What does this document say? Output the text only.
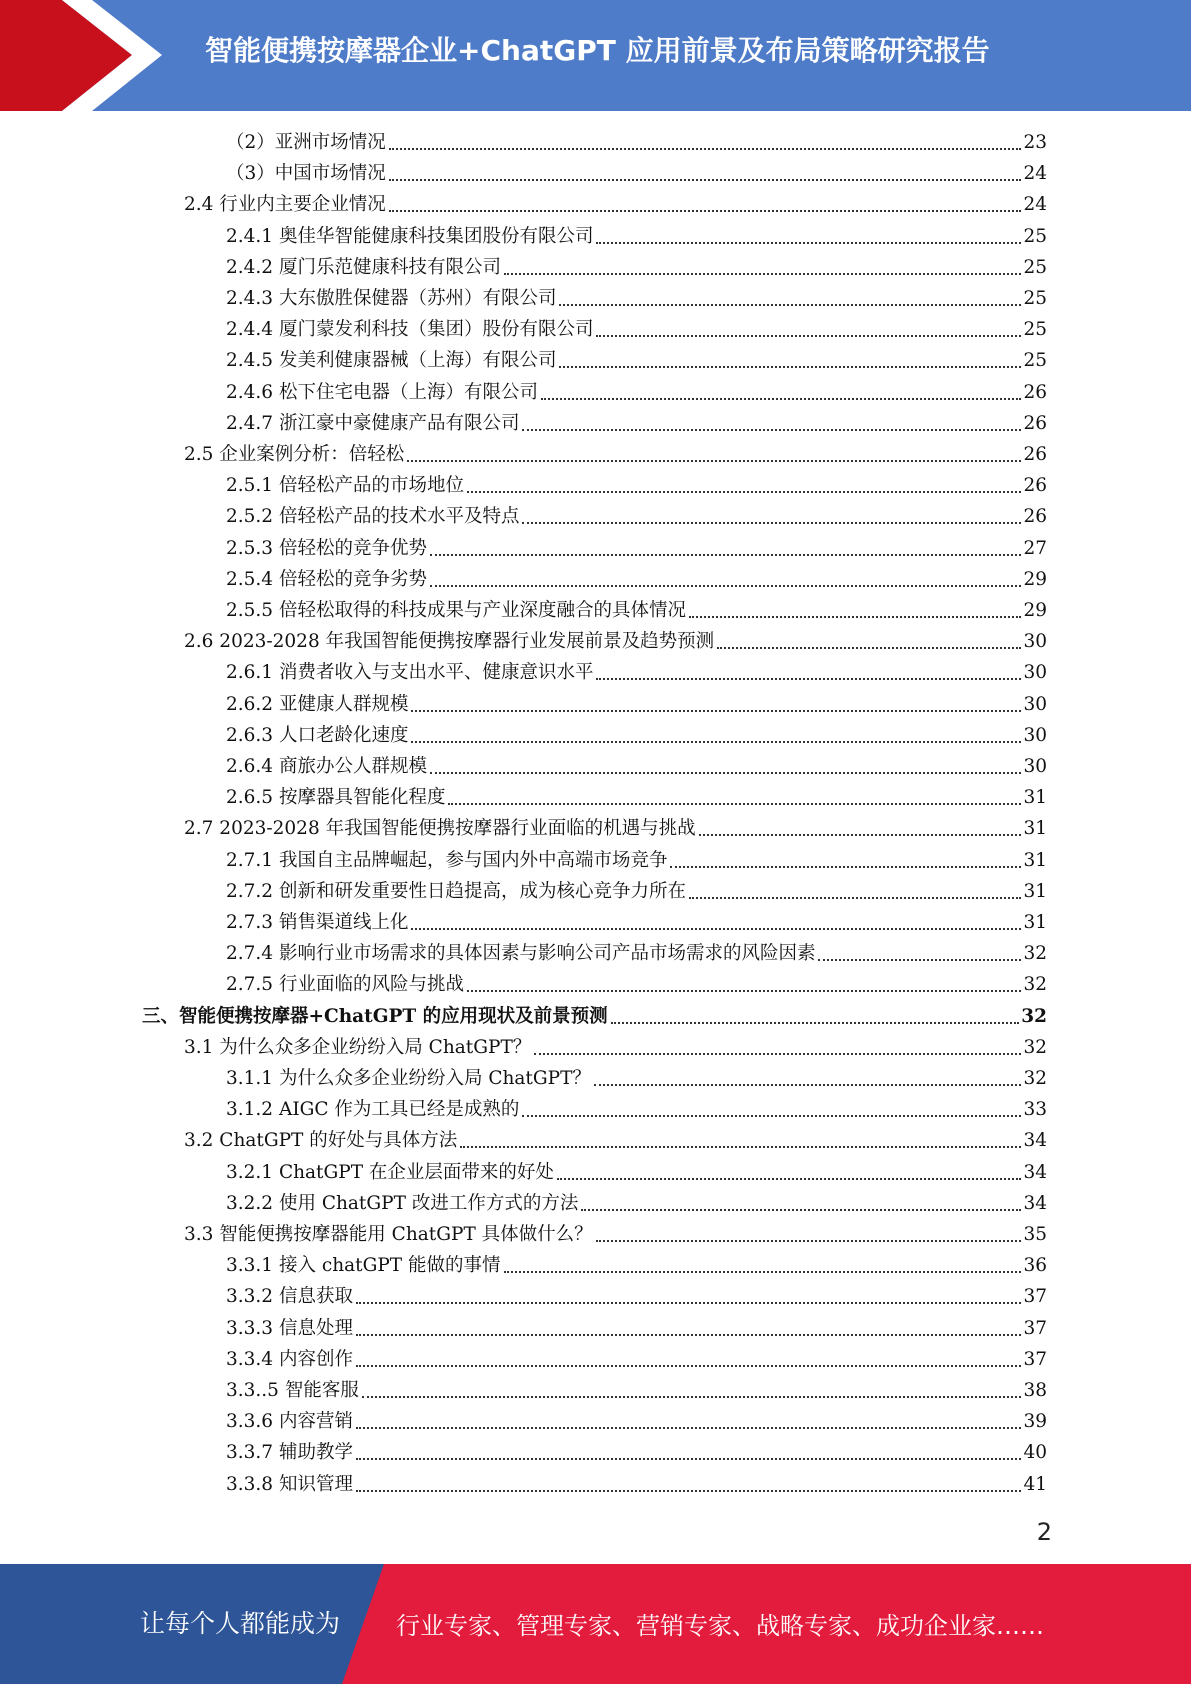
智能便携按摩器企业+ChatGPT 应用前景及布局策略研究报告
（2）亚洲市场情况	23
（3）中国市场情况	24
2.4 行业内主要企业情况	24
2.4.1 奥佳华智能健康科技集团股份有限公司	25
2.4.2 厦门乐范健康科技有限公司	25
2.4.3 大东傲胜保健器（苏州）有限公司	25
2.4.4 厦门蒙发利科技（集团）股份有限公司	25
2.4.5 发美利健康器械（上海）有限公司	25
2.4.6 松下住宅电器（上海）有限公司	26
2.4.7 浙江豪中豪健康产品有限公司	26
2.5 企业案例分析：倍轻松	26
2.5.1 倍轻松产品的市场地位	26
2.5.2 倍轻松产品的技术水平及特点	26
2.5.3 倍轻松的竞争优势	27
2.5.4 倍轻松的竞争劣势	29
2.5.5 倍轻松取得的科技成果与产业深度融合的具体情况	29
2.6 2023-2028 年我国智能便携按摩器行业发展前景及趋势预测	30
2.6.1 消费者收入与支出水平、健康意识水平	30
2.6.2 亚健康人群规模	30
2.6.3 人口老龄化速度	30
2.6.4 商旅办公人群规模	30
2.6.5 按摩器具智能化程度	31
2.7 2023-2028 年我国智能便携按摩器行业面临的机遇与挑战	31
2.7.1 我国自主品牌崛起，参与国内外中高端市场竞争	31
2.7.2 创新和研发重要性日趋提高，成为核心竞争力所在	31
2.7.3 销售渠道线上化	31
2.7.4 影响行业市场需求的具体因素与影响公司产品市场需求的风险因素	32
2.7.5 行业面临的风险与挑战	32
三、智能便携按摩器+ChatGPT 的应用现状及前景预测	32
3.1 为什么众多企业纷纷入局 ChatGPT？	32
3.1.1 为什么众多企业纷纷入局 ChatGPT？	32
3.1.2 AIGC 作为工具已经是成熟的	33
3.2 ChatGPT 的好处与具体方法	34
3.2.1 ChatGPT 在企业层面带来的好处	34
3.2.2 使用 ChatGPT 改进工作方式的方法	34
3.3 智能便携按摩器能用 ChatGPT 具体做什么？	35
3.3.1 接入 chatGPT 能做的事情	36
3.3.2 信息获取	37
3.3.3 信息处理	37
3.3.4 内容创作	37
3.3..5 智能客服	38
3.3.6 内容营销	39
3.3.7 辅助教学	40
3.3.8 知识管理	41
2
让每个人都能成为 行业专家、管理专家、营销专家、战略专家、成功企业家……
